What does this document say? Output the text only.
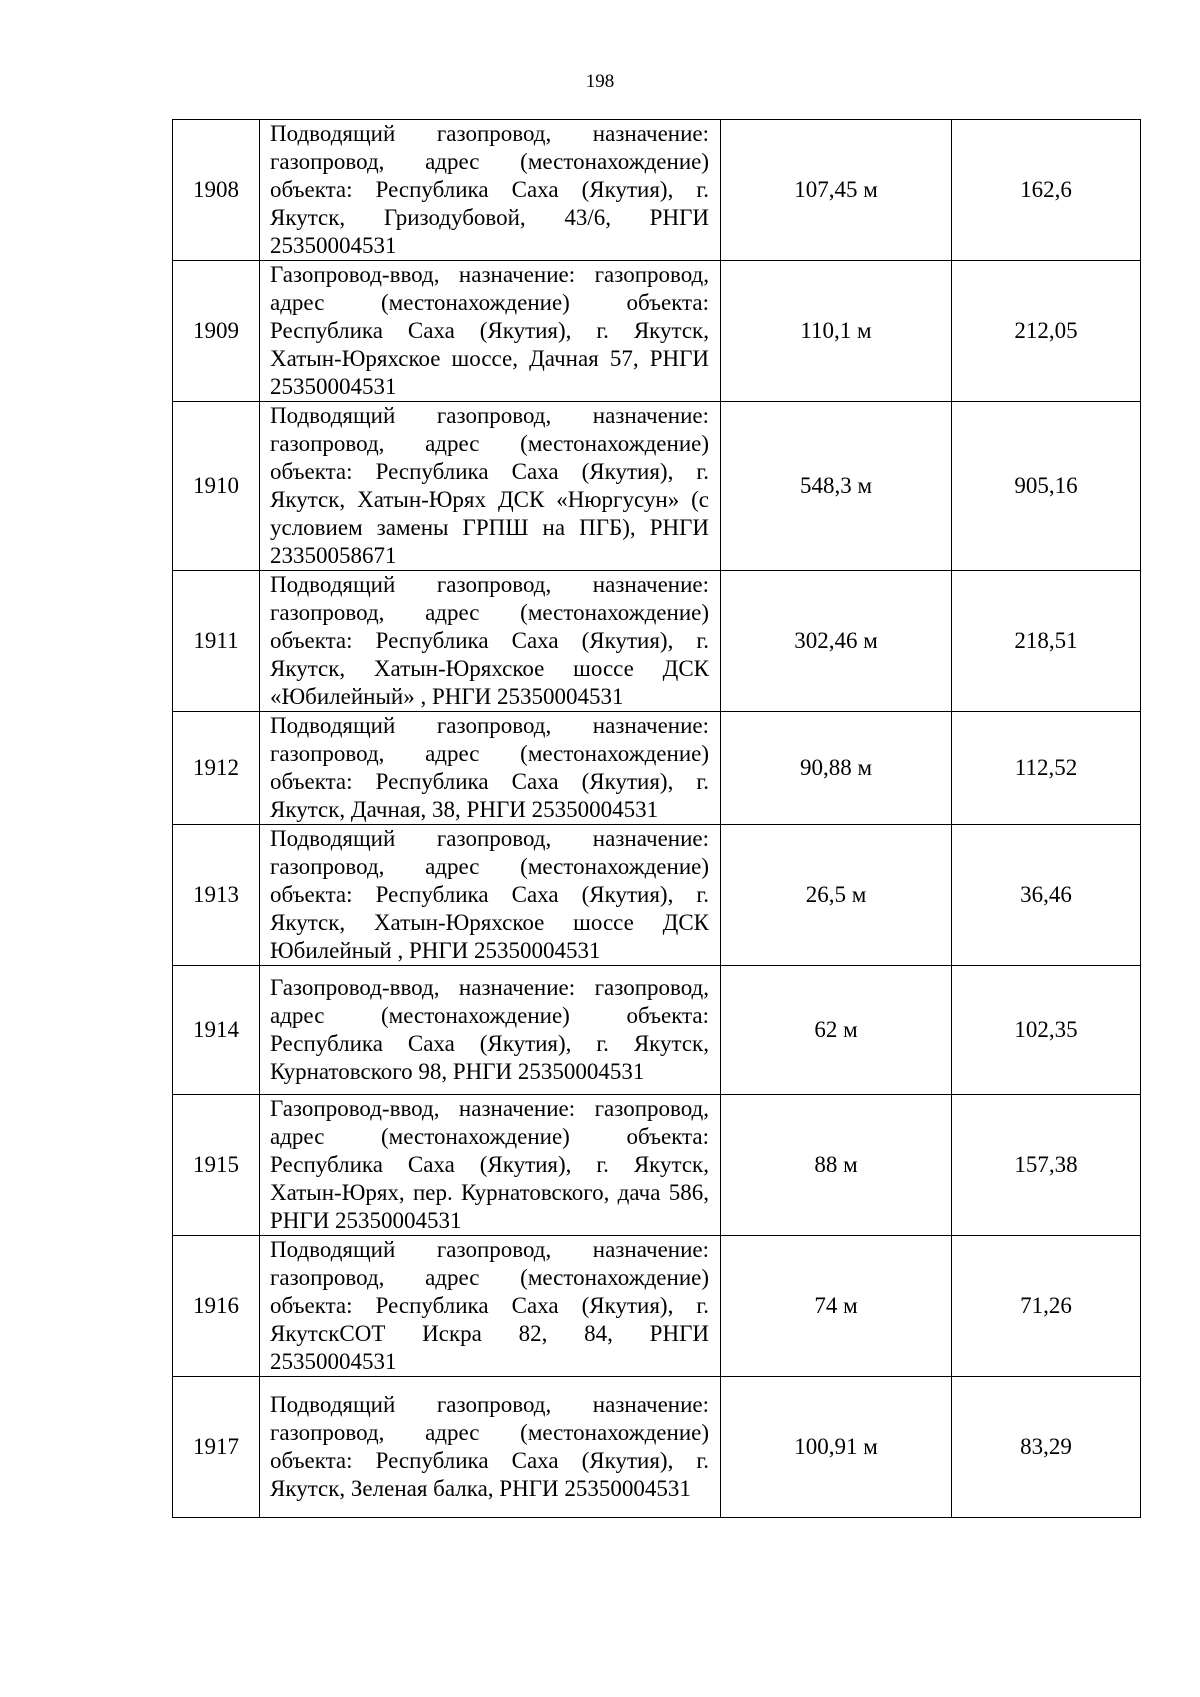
198
1908	Подводящий газопровод, назначение: газопровод, адрес (местонахождение) объекта: Республика Саха (Якутия), г. Якутск, Гризодубовой, 43/6, РНГИ 25350004531	107,45 м	162,6
1909	Газопровод-ввод, назначение: газопровод, адрес (местонахождение) объекта: Республика Саха (Якутия), г. Якутск, Хатын-Юряхское шоссе, Дачная 57, РНГИ 25350004531	110,1 м	212,05
1910	Подводящий газопровод, назначение: газопровод, адрес (местонахождение) объекта: Республика Саха (Якутия), г. Якутск, Хатын-Юрях ДСК «Нюргусун» (с условием замены ГРПШ на ПГБ), РНГИ 23350058671	548,3 м	905,16
1911	Подводящий газопровод, назначение: газопровод, адрес (местонахождение) объекта: Республика Саха (Якутия), г. Якутск, Хатын-Юряхское шоссе ДСК «Юбилейный» , РНГИ 25350004531	302,46 м	218,51
1912	Подводящий газопровод, назначение: газопровод, адрес (местонахождение) объекта: Республика Саха (Якутия), г. Якутск, Дачная, 38, РНГИ 25350004531	90,88 м	112,52
1913	Подводящий газопровод, назначение: газопровод, адрес (местонахождение) объекта: Республика Саха (Якутия), г. Якутск, Хатын-Юряхское шоссе ДСК Юбилейный , РНГИ 25350004531	26,5 м	36,46
1914	Газопровод-ввод, назначение: газопровод, адрес (местонахождение) объекта: Республика Саха (Якутия), г. Якутск, Курнатовского 98, РНГИ 25350004531	62 м	102,35
1915	Газопровод-ввод, назначение: газопровод, адрес (местонахождение) объекта: Республика Саха (Якутия), г. Якутск, Хатын-Юрях, пер. Курнатовского, дача 586, РНГИ 25350004531	88 м	157,38
1916	Подводящий газопровод, назначение: газопровод, адрес (местонахождение) объекта: Республика Саха (Якутия), г. ЯкутскСОТ Искра 82, 84, РНГИ 25350004531	74 м	71,26
1917	Подводящий газопровод, назначение: газопровод, адрес (местонахождение) объекта: Республика Саха (Якутия), г. Якутск, Зеленая балка, РНГИ 25350004531	100,91 м	83,29
